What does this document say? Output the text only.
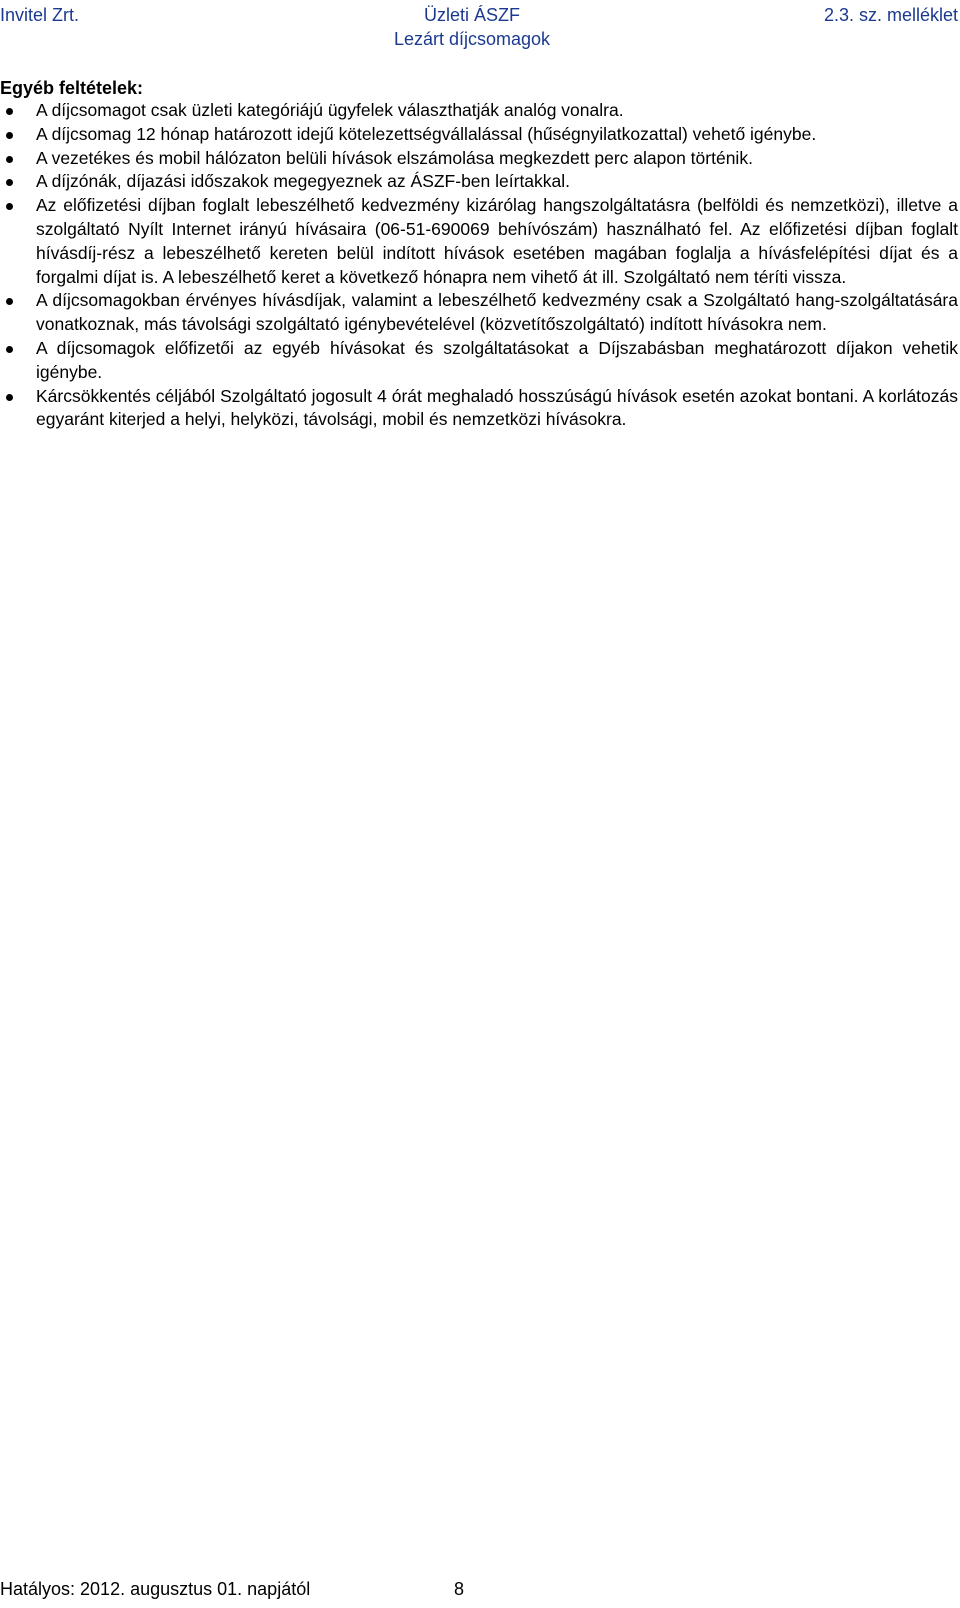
Invitel Zrt.	Üzleti ÁSZF	2.3. sz. melléklet
Lezárt díjcsomagok
Egyéb feltételek:
A díjcsomagot csak üzleti kategóriájú ügyfelek választhatják analóg vonalra.
A díjcsomag 12 hónap határozott idejű kötelezettségvállalással (hűségnyilatkozattal) vehető igénybe.
A vezetékes és mobil hálózaton belüli hívások elszámolása megkezdett perc alapon történik.
A díjzónák, díjazási időszakok megegyeznek az ÁSZF-ben leírtakkal.
Az előfizetési díjban foglalt lebeszélhető kedvezmény kizárólag hangszolgáltatásra (belföldi és nemzetközi), illetve a szolgáltató Nyílt Internet irányú hívásaira (06-51-690069 behívószám) használható fel. Az előfizetési díjban foglalt hívásdíj-rész a lebeszélhető kereten belül indított hívások esetében magában foglalja a hívásfelépítési díjat és a forgalmi díjat is. A lebeszélhető keret a következő hónapra nem vihető át ill. Szolgáltató nem téríti vissza.
A díjcsomagokban érvényes hívásdíjak, valamint a lebeszélhető kedvezmény csak a Szolgáltató hang-szolgáltatására vonatkoznak, más távolsági szolgáltató igénybevételével (közvetítőszolgáltató) indított hívásokra nem.
A díjcsomagok előfizetői az egyéb hívásokat és szolgáltatásokat a Díjszabásban meghatározott díjakon vehetik igénybe.
Kárcsökkentés céljából Szolgáltató jogosult 4 órát meghaladó hosszúságú hívások esetén azokat bontani. A korlátozás egyaránt kiterjed a helyi, helyközi, távolsági, mobil és nemzetközi hívásokra.
Hatályos: 2012. augusztus 01. napjától	8
